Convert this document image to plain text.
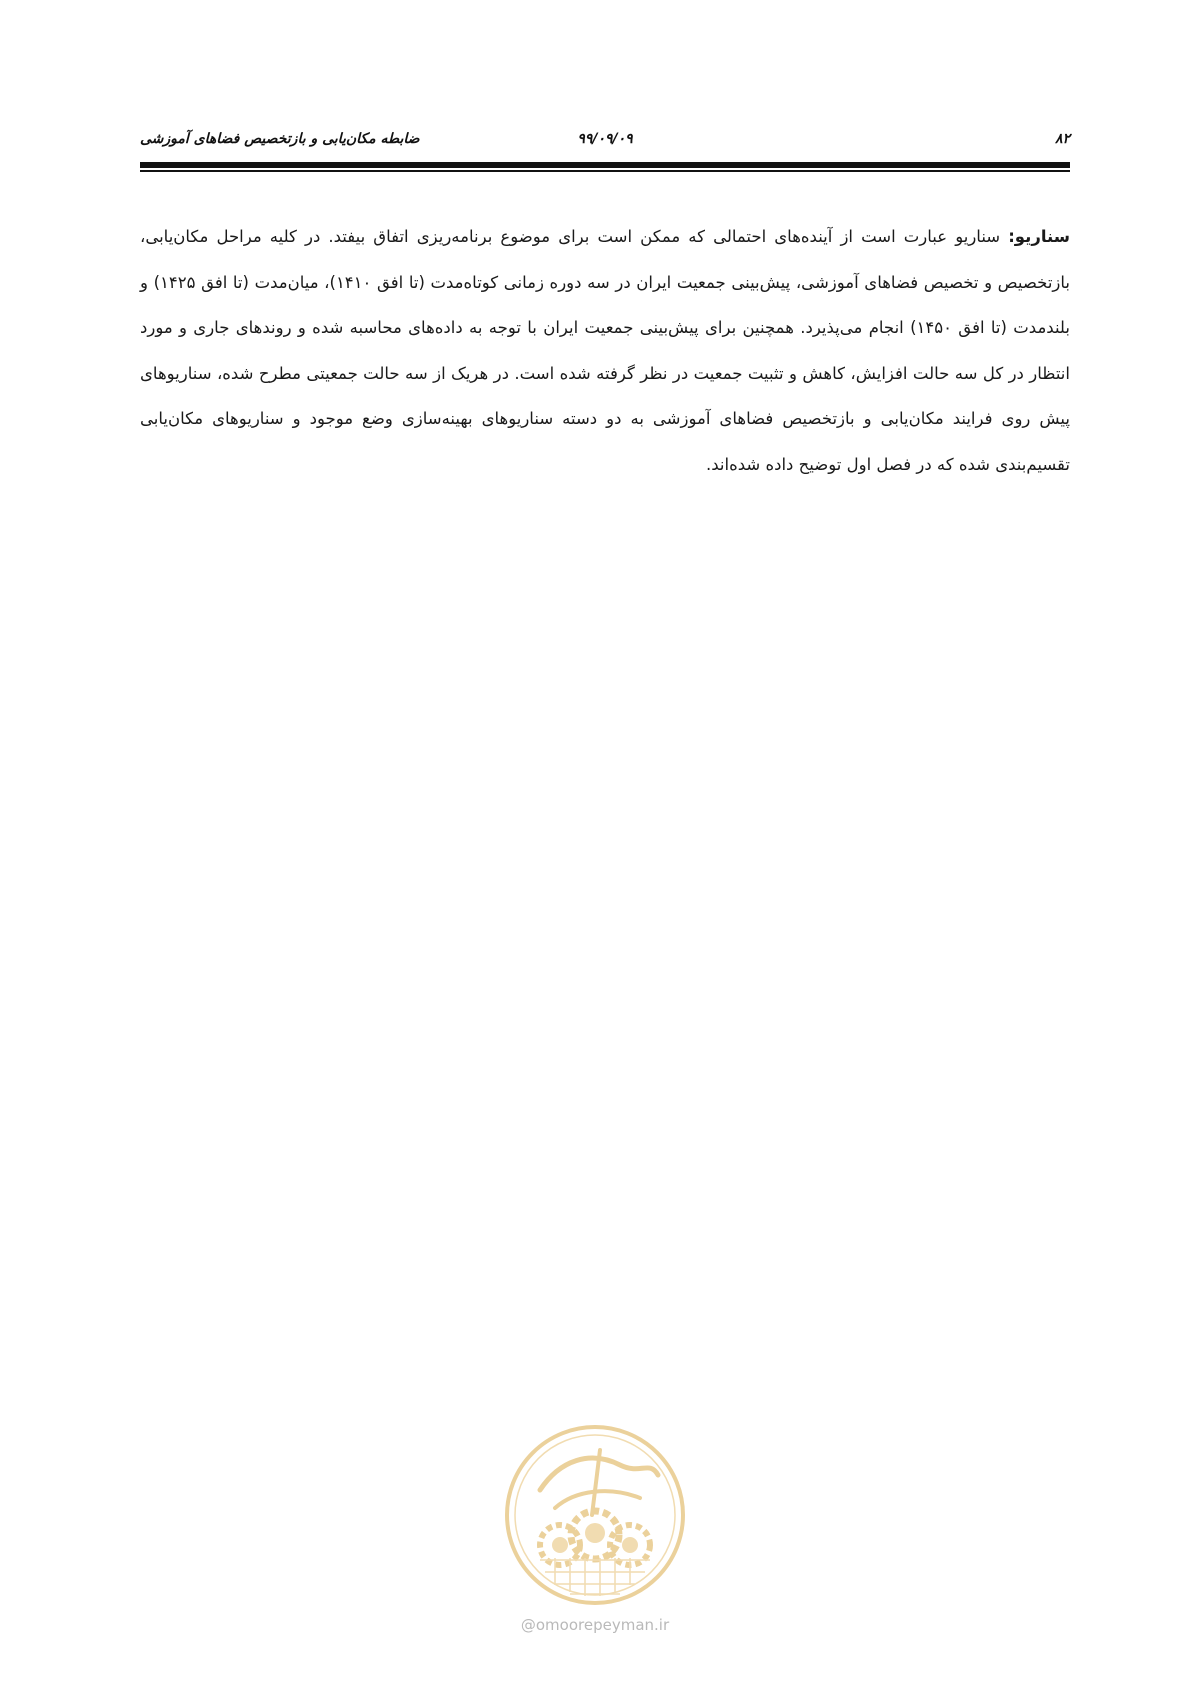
۸۲
۹۹/۰۹/۰۹
ضابطه مکان‌یابی و بازتخصیص فضاهای آموزشی
سناریو: سناریو عبارت است از آینده‌های احتمالی که ممکن است برای موضوع برنامه‌ریزی اتفاق بیفتد. در کلیه مراحل مکان‌یابی، بازتخصیص و تخصیص فضاهای آموزشی، پیش‌بینی جمعیت ایران در سه دوره زمانی کوتاه‌مدت (تا افق ۱۴۱۰)، میان‌مدت (تا افق ۱۴۲۵) و بلندمدت (تا افق ۱۴۵۰) انجام می‌پذیرد. همچنین برای پیش‌بینی جمعیت ایران با توجه به داده‌های محاسبه شده و روندهای جاری و مورد انتظار در کل سه حالت افزایش، کاهش و تثبیت جمعیت در نظر گرفته شده است. در هریک از سه حالت جمعیتی مطرح شده، سناریوهای پیش روی فرایند مکان‌یابی و بازتخصیص فضاهای آموزشی به دو دسته سناریوهای بهینه‌سازی وضع موجود و سناریوهای مکان‌یابی تقسیم‌بندی شده که در فصل اول توضیح داده شده‌اند.
@omoorepeyman.ir
